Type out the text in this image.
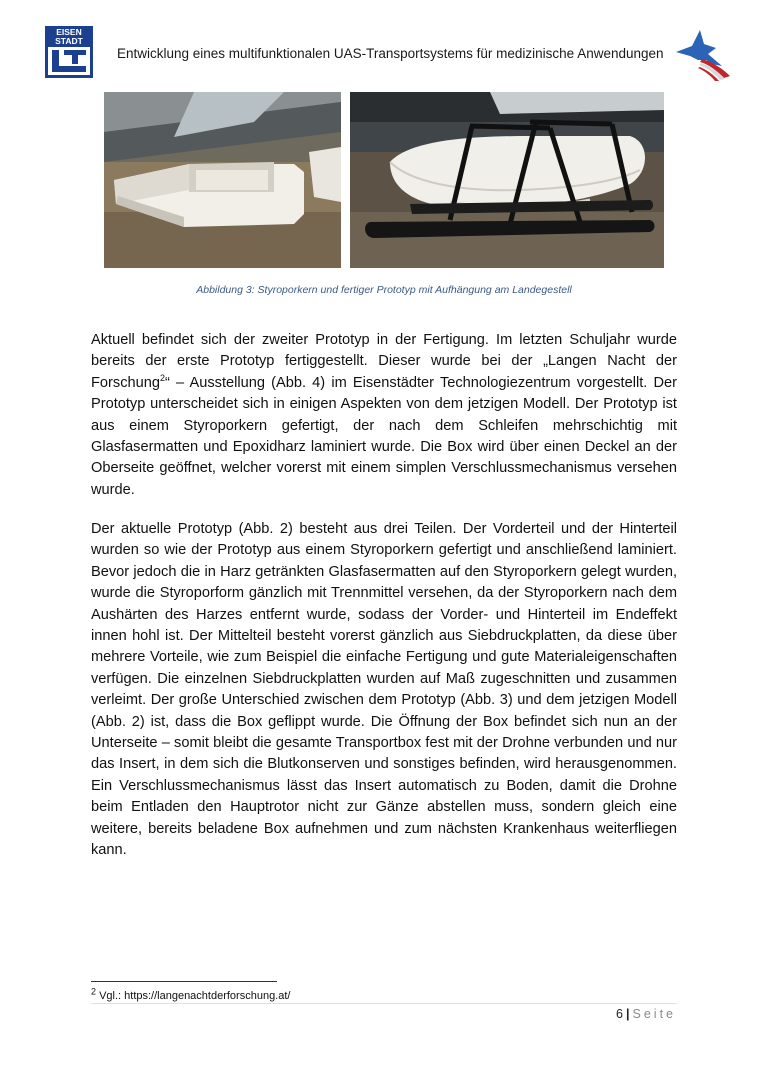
EISEN
STADT
Entwicklung eines multifunktionalen UAS-Transportsystems für medizinische Anwendungen
Abbildung 3: Styroporkern und fertiger Prototyp mit Aufhängung am Landegestell
Aktuell befindet sich der zweiter Prototyp in der Fertigung. Im letzten Schuljahr wurde bereits der erste Prototyp fertiggestellt. Dieser wurde bei der „Langen Nacht der Forschung$^2$“ – Ausstellung (Abb. 4) im Eisenstädter Technologiezentrum vorgestellt. Der Prototyp unterscheidet sich in einigen Aspekten von dem jetzigen Modell. Der Prototyp ist aus einem Styroporkern gefertigt, der nach dem Schleifen mehrschichtig mit Glasfasermatten und Epoxidharz laminiert wurde. Die Box wird über einen Deckel an der Oberseite geöffnet, welcher vorerst mit einem simplen Verschlussmechanismus versehen wurde.
Der aktuelle Prototyp (Abb. 2) besteht aus drei Teilen. Der Vorderteil und der Hinterteil wurden so wie der Prototyp aus einem Styroporkern gefertigt und anschließend laminiert. Bevor jedoch die in Harz getränkten Glasfasermatten auf den Styroporkern gelegt wurden, wurde die Styroporform gänzlich mit Trennmittel versehen, da der Styroporkern nach dem Aushärten des Harzes entfernt wurde, sodass der Vorder- und Hinterteil im Endeffekt innen hohl ist. Der Mittelteil besteht vorerst gänzlich aus Siebdruckplatten, da diese über mehrere Vorteile, wie zum Beispiel die einfache Fertigung und gute Materialeigenschaften verfügen. Die einzelnen Siebdruckplatten wurden auf Maß zugeschnitten und zusammen verleimt. Der große Unterschied zwischen dem Prototyp (Abb. 3) und dem jetzigen Modell (Abb. 2) ist, dass die Box geflippt wurde. Die Öffnung der Box befindet sich nun an der Unterseite – somit bleibt die gesamte Transportbox fest mit der Drohne verbunden und nur das Insert, in dem sich die Blutkonserven und sonstiges befinden, wird herausgenommen. Ein Verschlussmechanismus lässt das Insert automatisch zu Boden, damit die Drohne beim Entladen den Hauptrotor nicht zur Gänze abstellen muss, sondern gleich eine weitere, bereits beladene Box aufnehmen und zum nächsten Krankenhaus weiterfliegen kann.
$^2$ Vgl.: https://langenachtderforschung.at/
6 | Seite
